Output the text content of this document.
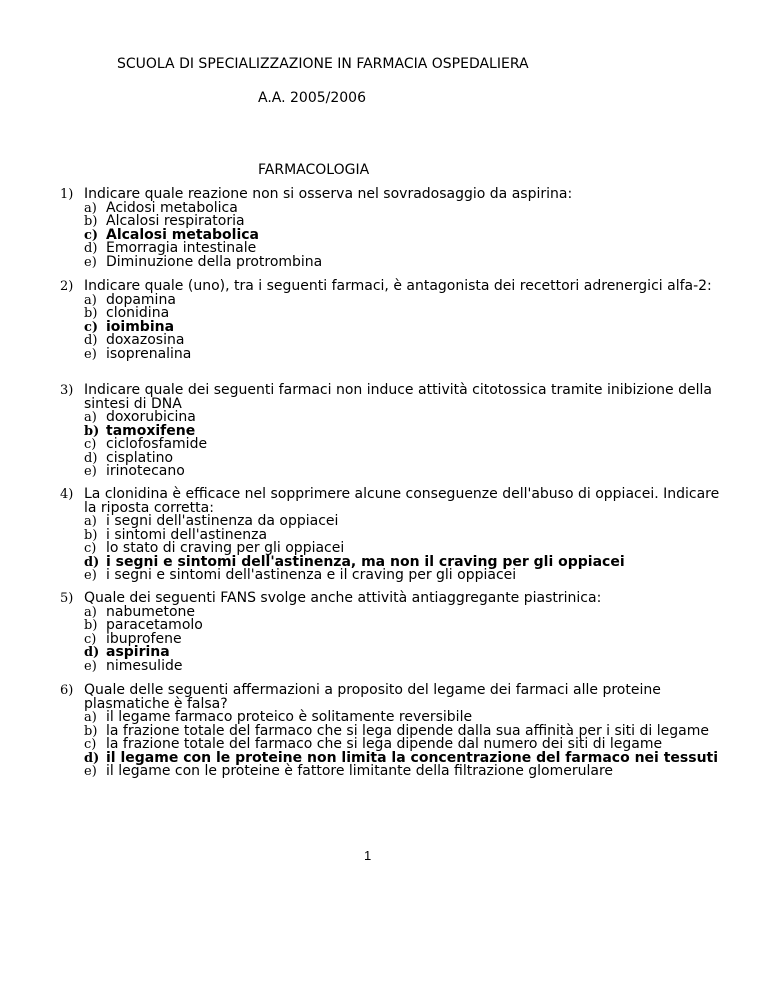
SCUOLA DI SPECIALIZZAZIONE IN FARMACIA OSPEDALIERA
A.A. 2005/2006
FARMACOLOGIA
1) Indicare quale reazione non si osserva nel sovradosaggio da aspirina:
a) Acidosi metabolica
b) Alcalosi respiratoria
c) Alcalosi metabolica
d) Emorragia intestinale
e) Diminuzione della protrombina
2) Indicare quale (uno), tra i seguenti farmaci, è antagonista dei recettori adrenergici alfa-2:
a) dopamina
b) clonidina
c) ioimbina
d) doxazosina
e) isoprenalina
3) Indicare quale dei seguenti farmaci non induce attività citotossica tramite inibizione della sintesi di DNA
a) doxorubicina
b) tamoxifene
c) ciclofosfamide
d) cisplatino
e) irinotecano
4) La clonidina è efficace nel sopprimere alcune conseguenze dell'abuso di oppiacei. Indicare la riposta corretta:
a) i segni dell'astinenza da oppiacei
b) i sintomi dell'astinenza
c) lo stato di craving per gli oppiacei
d) i segni e sintomi dell'astinenza, ma non il craving per gli oppiacei
e) i segni e sintomi dell'astinenza e il craving per gli oppiacei
5) Quale dei seguenti FANS svolge anche attività antiaggregante piastrinica:
a) nabumetone
b) paracetamolo
c) ibuprofene
d) aspirina
e) nimesulide
6) Quale delle seguenti affermazioni a proposito del legame dei farmaci alle proteine plasmatiche è falsa?
a) il legame farmaco proteico è solitamente reversibile
b) la frazione totale del farmaco che si lega dipende dalla sua affinità per i siti di legame
c) la frazione totale del farmaco che si lega dipende dal numero dei siti di legame
d) il legame con le proteine non limita la concentrazione del farmaco nei tessuti
e) il legame con le proteine è fattore limitante della filtrazione glomerulare
1
